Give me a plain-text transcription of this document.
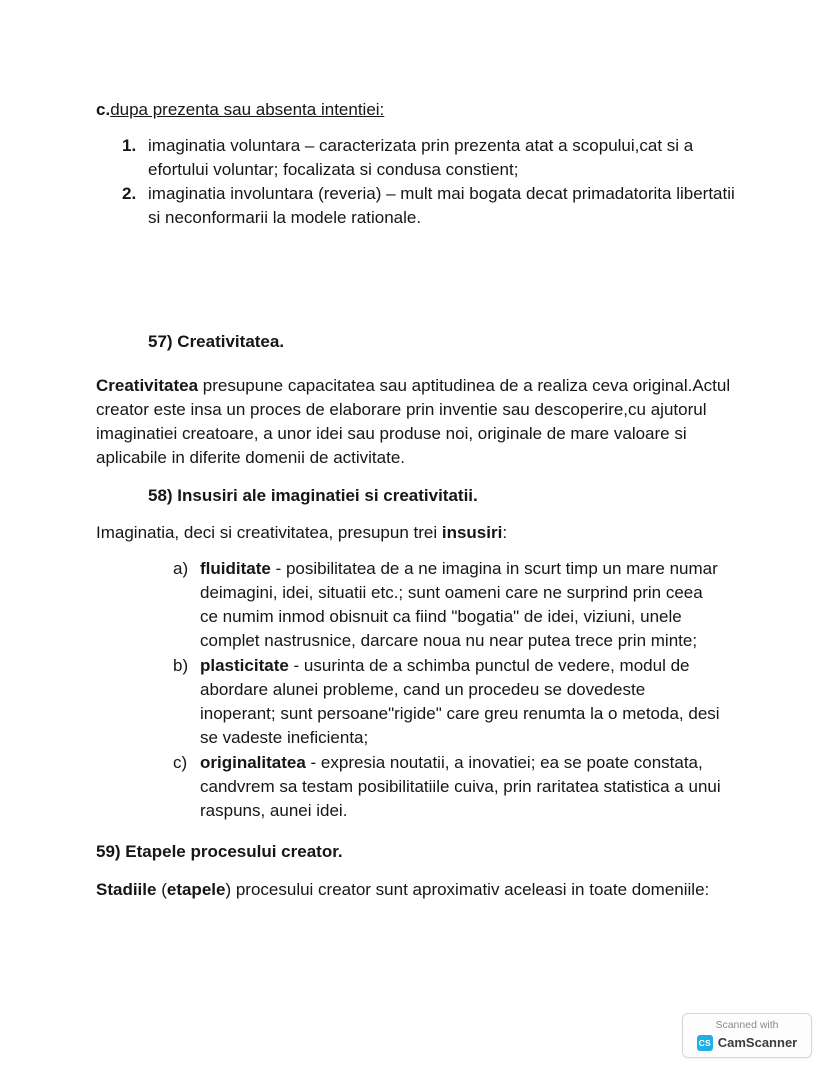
c.dupa prezenta sau absenta intentiei:

1. imaginatia voluntara – caracterizata prin prezenta atat a scopului,cat si a efortului voluntar; focalizata si condusa constient;
2. imaginatia involuntara (reveria) – mult mai bogata decat primadatorita libertatii si neconformarii la modele rationale.

57) Creativitatea.

Creativitatea presupune capacitatea sau aptitudinea de a realiza ceva original.Actul creator este insa un proces de elaborare prin inventie sau descoperire,cu ajutorul imaginatiei creatoare, a unor idei sau produse noi, originale de mare valoare si aplicabile in diferite domenii de activitate.

58) Insusiri ale imaginatiei si creativitatii.

Imaginatia, deci si creativitatea, presupun trei insusiri:

a) fluiditate - posibilitatea de a ne imagina in scurt timp un mare numar deimagini, idei, situatii etc.; sunt oameni care ne surprind prin ceea ce numim inmod obisnuit ca fiind "bogatia" de idei, viziuni, unele complet nastrusnice, darcare noua nu near putea trece prin minte;
b) plasticitate - usurinta de a schimba punctul de vedere, modul de abordare alunei probleme, cand un procedeu se dovedeste inoperant; sunt persoane"rigide" care greu renumta la o metoda, desi se vadeste ineficienta;
c) originalitatea - expresia noutatii, a inovatiei; ea se poate constata, candvrem sa testam posibilitatiile cuiva, prin raritatea statistica a unui raspuns, aunei idei.

59) Etapele procesului creator.

Stadiile (etapele) procesului creator sunt aproximativ aceleasi in toate domeniile:

Scanned with
CS CamScanner
